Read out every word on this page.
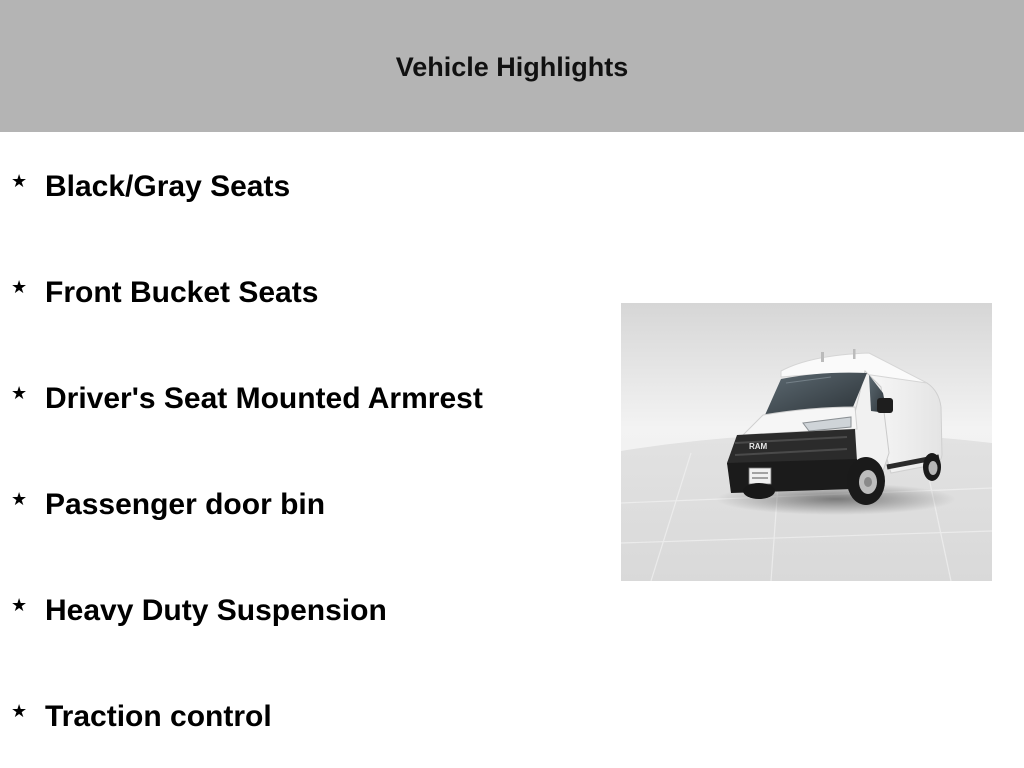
Vehicle Highlights
★ Black/Gray Seats
★ Front Bucket Seats
★ Driver's Seat Mounted Armrest
★ Passenger door bin
★ Heavy Duty Suspension
★ Traction control
RAM
